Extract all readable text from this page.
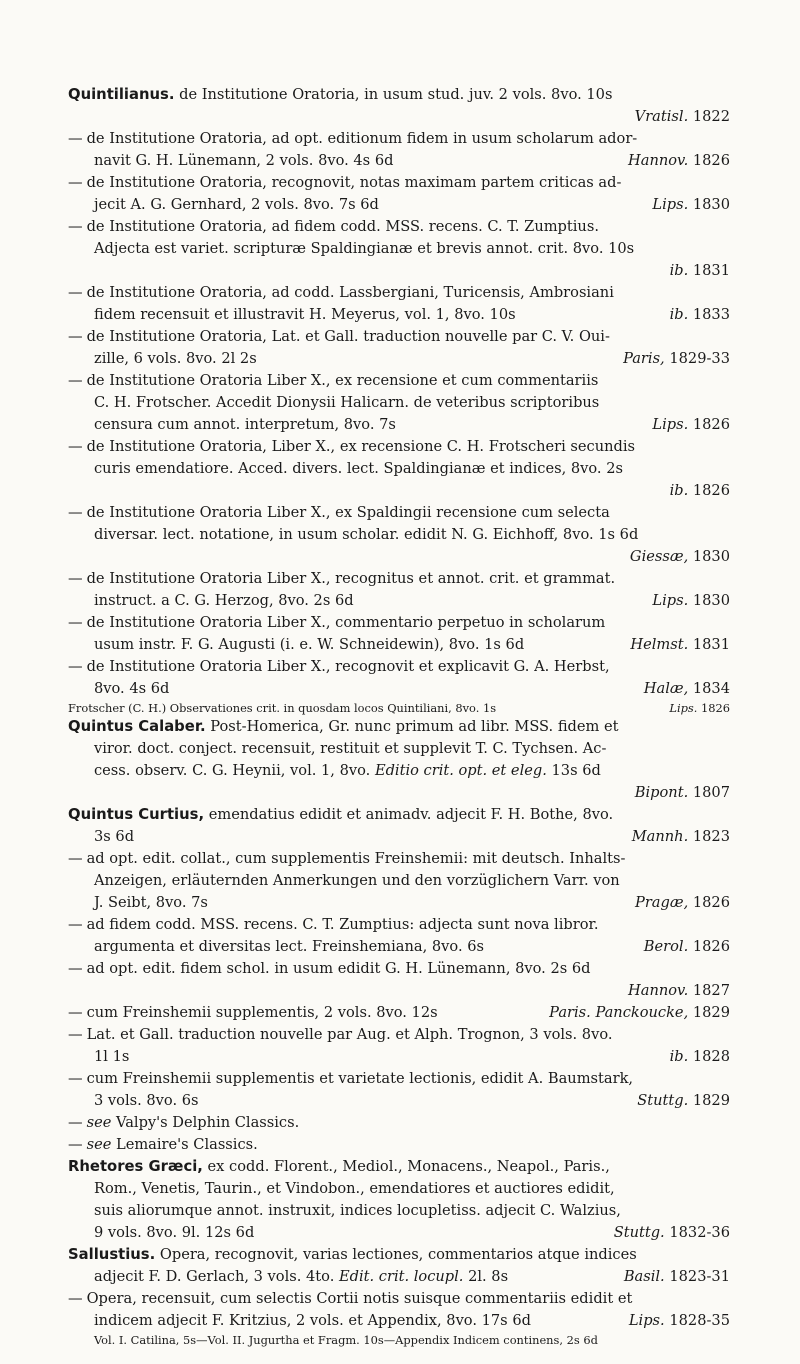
Quintilianus. de Institutione Oratoria, in usum stud. juv. 2 vols. 8vo. 10s
Vratisl. 1822

— de Institutione Oratoria, ad opt. editionum fidem in usum scholarum ador-
navit G. H. Lünemann, 2 vols. 8vo. 4s 6d	Hannov. 1826

— de Institutione Oratoria, recognovit, notas maximam partem criticas ad-
jecit A. G. Gernhard, 2 vols. 8vo. 7s 6d	Lips. 1830

— de Institutione Oratoria, ad fidem codd. MSS. recens. C. T. Zumptius.
Adjecta est variet. scripturæ Spaldingianæ et brevis annot. crit. 8vo. 10s
ib. 1831

— de Institutione Oratoria, ad codd. Lassbergiani, Turicensis, Ambrosiani
fidem recensuit et illustravit H. Meyerus, vol. 1, 8vo. 10s	ib. 1833

— de Institutione Oratoria, Lat. et Gall. traduction nouvelle par C. V. Oui-
zille, 6 vols. 8vo. 2l 2s	Paris, 1829-33

— de Institutione Oratoria Liber X., ex recensione et cum commentariis
C. H. Frotscher. Accedit Dionysii Halicarn. de veteribus scriptoribus
censura cum annot. interpretum, 8vo. 7s	Lips. 1826

— de Institutione Oratoria, Liber X., ex recensione C. H. Frotscheri secundis
curis emendatiore. Acced. divers. lect. Spaldingianæ et indices, 8vo. 2s
ib. 1826

— de Institutione Oratoria Liber X., ex Spaldingii recensione cum selecta
diversar. lect. notatione, in usum scholar. edidit N. G. Eichhoff, 8vo. 1s 6d
Giessæ, 1830

— de Institutione Oratoria Liber X., recognitus et annot. crit. et grammat.
instruct. a C. G. Herzog, 8vo. 2s 6d	Lips. 1830

— de Institutione Oratoria Liber X., commentario perpetuo in scholarum
usum instr. F. G. Augusti (i. e. W. Schneidewin), 8vo. 1s 6d	Helmst. 1831

— de Institutione Oratoria Liber X., recognovit et explicavit G. A. Herbst,
8vo. 4s 6d	Halæ, 1834

Frotscher (C. H.) Observationes crit. in quosdam locos Quintiliani, 8vo. 1s	Lips. 1826

Quintus Calaber. Post-Homerica, Gr. nunc primum ad libr. MSS. fidem et
viror. doct. conject. recensuit, restituit et supplevit T. C. Tychsen. Ac-
cess. observ. C. G. Heynii, vol. 1, 8vo. Editio crit. opt. et eleg. 13s 6d
Bipont. 1807

Quintus Curtius, emendatius edidit et animadv. adjecit F. H. Bothe, 8vo.
3s 6d	Mannh. 1823

— ad opt. edit. collat., cum supplementis Freinshemii: mit deutsch. Inhalts-
Anzeigen, erläuternden Anmerkungen und den vorzüglichern Varr. von
J. Seibt, 8vo. 7s	Pragæ, 1826

— ad fidem codd. MSS. recens. C. T. Zumptius: adjecta sunt nova libror.
argumenta et diversitas lect. Freinshemiana, 8vo. 6s	Berol. 1826

— ad opt. edit. fidem schol. in usum edidit G. H. Lünemann, 8vo. 2s 6d
Hannov. 1827

— cum Freinshemii supplementis, 2 vols. 8vo. 12s	Paris. Panckoucke, 1829

— Lat. et Gall. traduction nouvelle par Aug. et Alph. Trognon, 3 vols. 8vo.
1l 1s	ib. 1828

— cum Freinshemii supplementis et varietate lectionis, edidit A. Baumstark,
3 vols. 8vo. 6s	Stuttg. 1829

— see Valpy's Delphin Classics.

— see Lemaire's Classics.

Rhetores Græci, ex codd. Florent., Mediol., Monacens., Neapol., Paris.,
Rom., Venetis, Taurin., et Vindobon., emendatiores et auctiores edidit,
suis aliorumque annot. instruxit, indices locupletiss. adjecit C. Walzius,
9 vols. 8vo. 9l. 12s 6d	Stuttg. 1832-36

Sallustius. Opera, recognovit, varias lectiones, commentarios atque indices
adjecit F. D. Gerlach, 3 vols. 4to. Edit. crit. locupl. 2l. 8s	Basil. 1823-31

— Opera, recensuit, cum selectis Cortii notis suisque commentariis edidit et
indicem adjecit F. Kritzius, 2 vols. et Appendix, 8vo. 17s 6d	Lips. 1828-35

Vol. I. Catilina, 5s—Vol. II. Jugurtha et Fragm. 10s—Appendix Indicem continens, 2s 6d
